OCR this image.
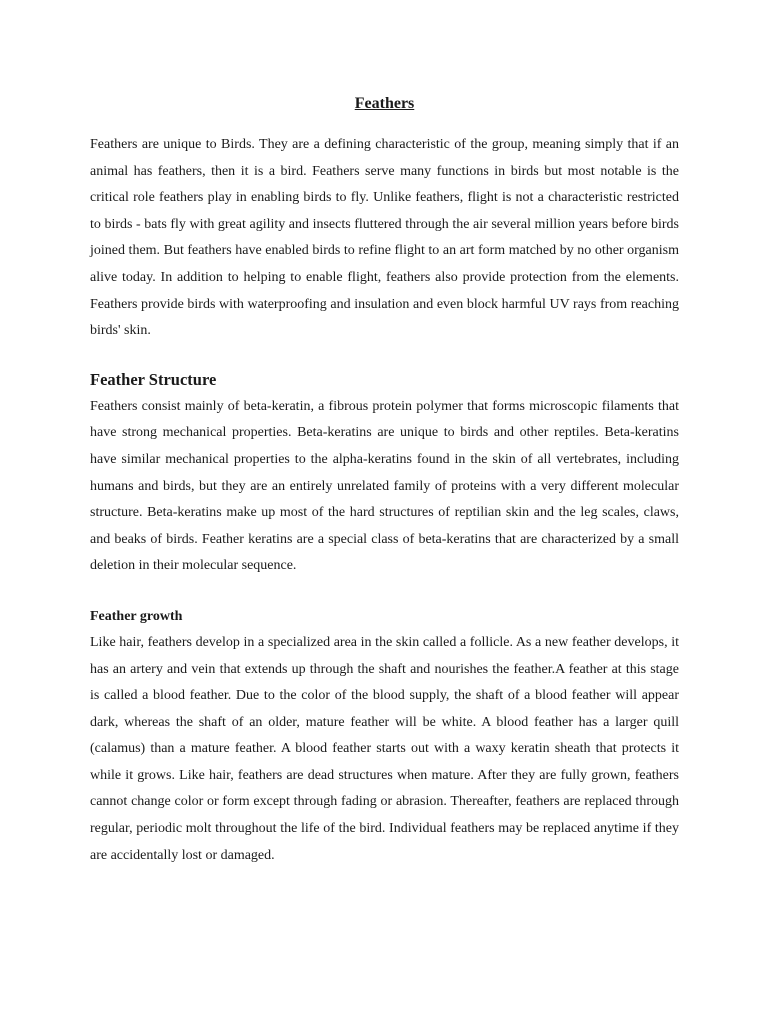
Feathers

Feathers are unique to Birds. They are a defining characteristic of the group, meaning simply that if an animal has feathers, then it is a bird. Feathers serve many functions in birds but most notable is the critical role feathers play in enabling birds to fly. Unlike feathers, flight is not a characteristic restricted to birds - bats fly with great agility and insects fluttered through the air several million years before birds joined them. But feathers have enabled birds to refine flight to an art form matched by no other organism alive today. In addition to helping to enable flight, feathers also provide protection from the elements. Feathers provide birds with waterproofing and insulation and even block harmful UV rays from reaching birds' skin.

Feather Structure

Feathers consist mainly of beta-keratin, a fibrous protein polymer that forms microscopic filaments that have strong mechanical properties. Beta-keratins are unique to birds and other reptiles. Beta-keratins have similar mechanical properties to the alpha-keratins found in the skin of all vertebrates, including humans and birds, but they are an entirely unrelated family of proteins with a very different molecular structure. Beta-keratins make up most of the hard structures of reptilian skin and the leg scales, claws, and beaks of birds. Feather keratins are a special class of beta-keratins that are characterized by a small deletion in their molecular sequence.

Feather growth

Like hair, feathers develop in a specialized area in the skin called a follicle. As a new feather develops, it has an artery and vein that extends up through the shaft and nourishes the feather.A feather at this stage is called a blood feather. Due to the color of the blood supply, the shaft of a blood feather will appear dark, whereas the shaft of an older, mature feather will be white. A blood feather has a larger quill (calamus) than a mature feather. A blood feather starts out with a waxy keratin sheath that protects it while it grows. Like hair, feathers are dead structures when mature. After they are fully grown, feathers cannot change color or form except through fading or abrasion. Thereafter, feathers are replaced through regular, periodic molt throughout the life of the bird. Individual feathers may be replaced anytime if they are accidentally lost or damaged.
